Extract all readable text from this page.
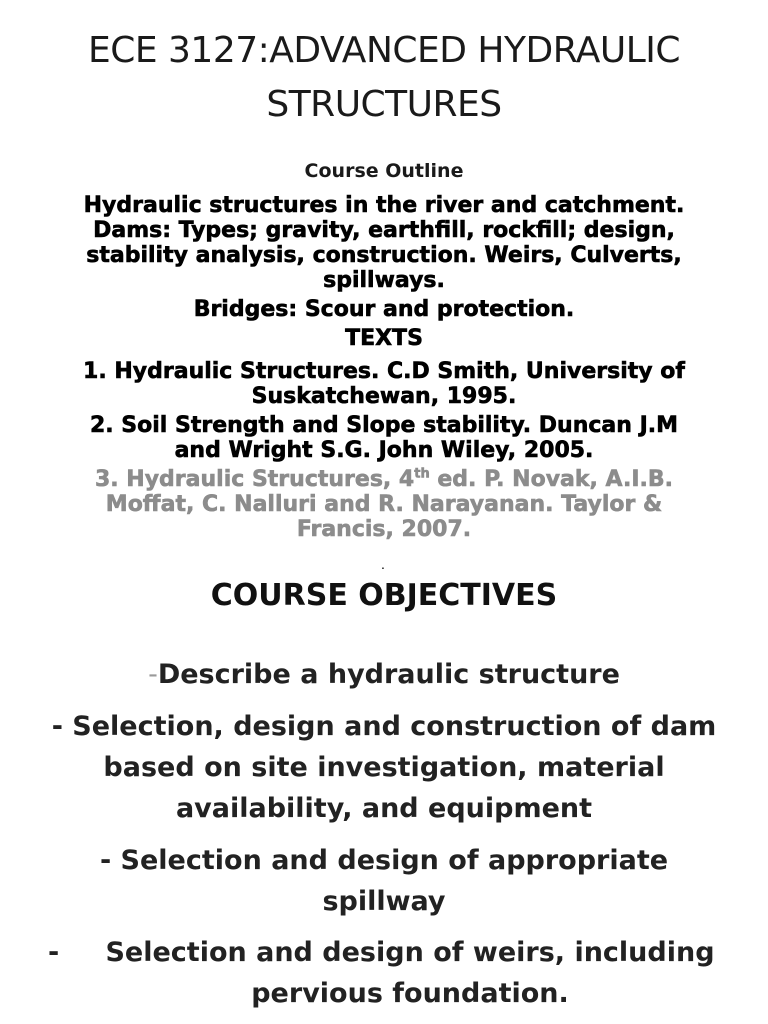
ECE 3127:ADVANCED HYDRAULIC
STRUCTURES
Course Outline
Hydraulic structures in the river and catchment.
Dams: Types; gravity, earthfill, rockfill; design,
stability analysis, construction. Weirs, Culverts,
spillways.
Bridges: Scour and protection.
TEXTS
1. Hydraulic Structures. C.D Smith, University of
Suskatchewan, 1995.
2. Soil Strength and Slope stability. Duncan J.M
and Wright S.G. John Wiley, 2005.
3. Hydraulic Structures, 4th ed. P. Novak, A.I.B.
Moffat, C. Nalluri and R. Narayanan. Taylor &
Francis, 2007.
.
COURSE OBJECTIVES
-Describe a hydraulic structure
- Selection, design and construction of dam
based on site investigation, material
availability, and equipment
- Selection and design of appropriate
spillway
-	Selection and design of weirs, including
pervious foundation.
